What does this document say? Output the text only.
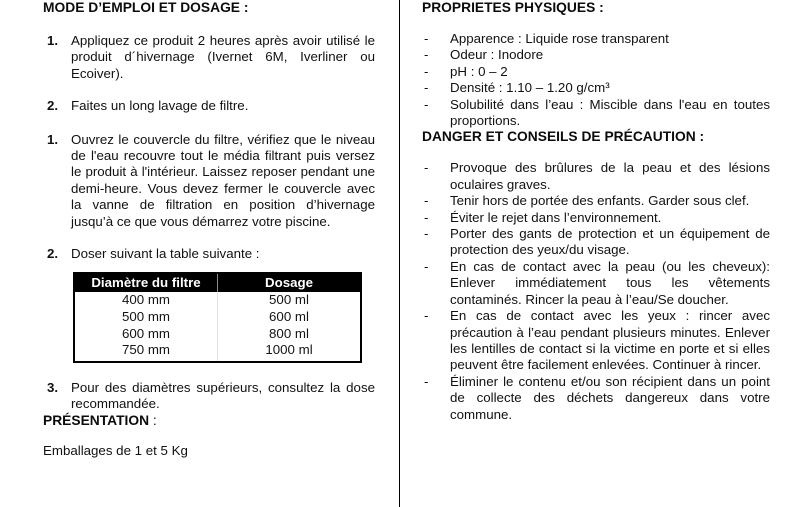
MODE D’EMPLOI ET DOSAGE :
1. Appliquez ce produit 2 heures après avoir utilisé le produit d´hivernage (Ivernet 6M, Iverliner ou Ecoiver).
2. Faites un long lavage de filtre.
1. Ouvrez le couvercle du filtre, vérifiez que le niveau de l'eau recouvre tout le média filtrant puis versez le produit à l'intérieur. Laissez reposer pendant une demi-heure. Vous devez fermer le couvercle avec la vanne de filtration en position d’hivernage jusqu’à ce que vous démarrez votre piscine.
2. Doser suivant la table suivante :
Diamètre du filtre	Dosage
400 mm	500 ml
500 mm	600 ml
600 mm	800 ml
750 mm	1000 ml
3. Pour des diamètres supérieurs, consultez la dose recommandée.
PRÉSENTATION :

Emballages de 1 et 5 Kg

PROPRIETES PHYSIQUES :
-	Apparence : Liquide rose transparent
-	Odeur : Inodore
-	pH : 0 – 2
-	Densité : 1.10 – 1.20 g/cm³
-	Solubilité dans l’eau : Miscible dans l'eau en toutes proportions.
DANGER ET CONSEILS DE PRÉCAUTION :
-	Provoque des brûlures de la peau et des lésions oculaires graves.
-	Tenir hors de portée des enfants. Garder sous clef.
-	Éviter le rejet dans l’environnement.
-	Porter des gants de protection et un équipement de protection des yeux/du visage.
-	En cas de contact avec la peau (ou les cheveux): Enlever immédiatement tous les vêtements contaminés. Rincer la peau à l’eau/Se doucher.
-	En cas de contact avec les yeux : rincer avec précaution à l’eau pendant plusieurs minutes. Enlever les lentilles de contact si la victime en porte et si elles peuvent être facilement enlevées. Continuer à rincer.
-	Éliminer le contenu et/ou son récipient dans un point de collecte des déchets dangereux dans votre commune.
